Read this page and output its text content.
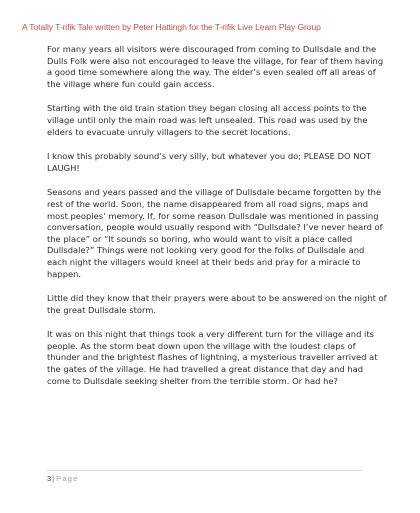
A Totally T-rifik Tale written by Peter Hattingh for the T-rifik Live Learn Play Group

For many years all visitors were discouraged from coming to Dullsdale and the Dulls Folk were also not encouraged to leave the village, for fear of them having a good time somewhere along the way. The elder’s even sealed off all areas of the village where fun could gain access.

Starting with the old train station they began closing all access points to the village until only the main road was left unsealed. This road was used by the elders to evacuate unruly villagers to the secret locations.

I know this probably sound’s very silly, but whatever you do; PLEASE DO NOT LAUGH!

Seasons and years passed and the village of Dullsdale became forgotten by the rest of the world. Soon, the name disappeared from all road signs, maps and most peoples’ memory. If, for some reason Dullsdale was mentioned in passing conversation, people would usually respond with “Dullsdale? I’ve never heard of the place” or “It sounds so boring, who would want to visit a place called Dullsdale?” Things were not looking very good for the folks of Dullsdale and each night the villagers would kneel at their beds and pray for a miracle to happen.

Little did they know that their prayers were about to be answered on the night of the great Dullsdale storm.

It was on this night that things took a very different turn for the village and its people. As the storm beat down upon the village with the loudest claps of thunder and the brightest flashes of lightning, a mysterious traveller arrived at the gates of the village. He had travelled a great distance that day and had come to Dullsdale seeking shelter from the terrible storm. Or had he?

3| Page
